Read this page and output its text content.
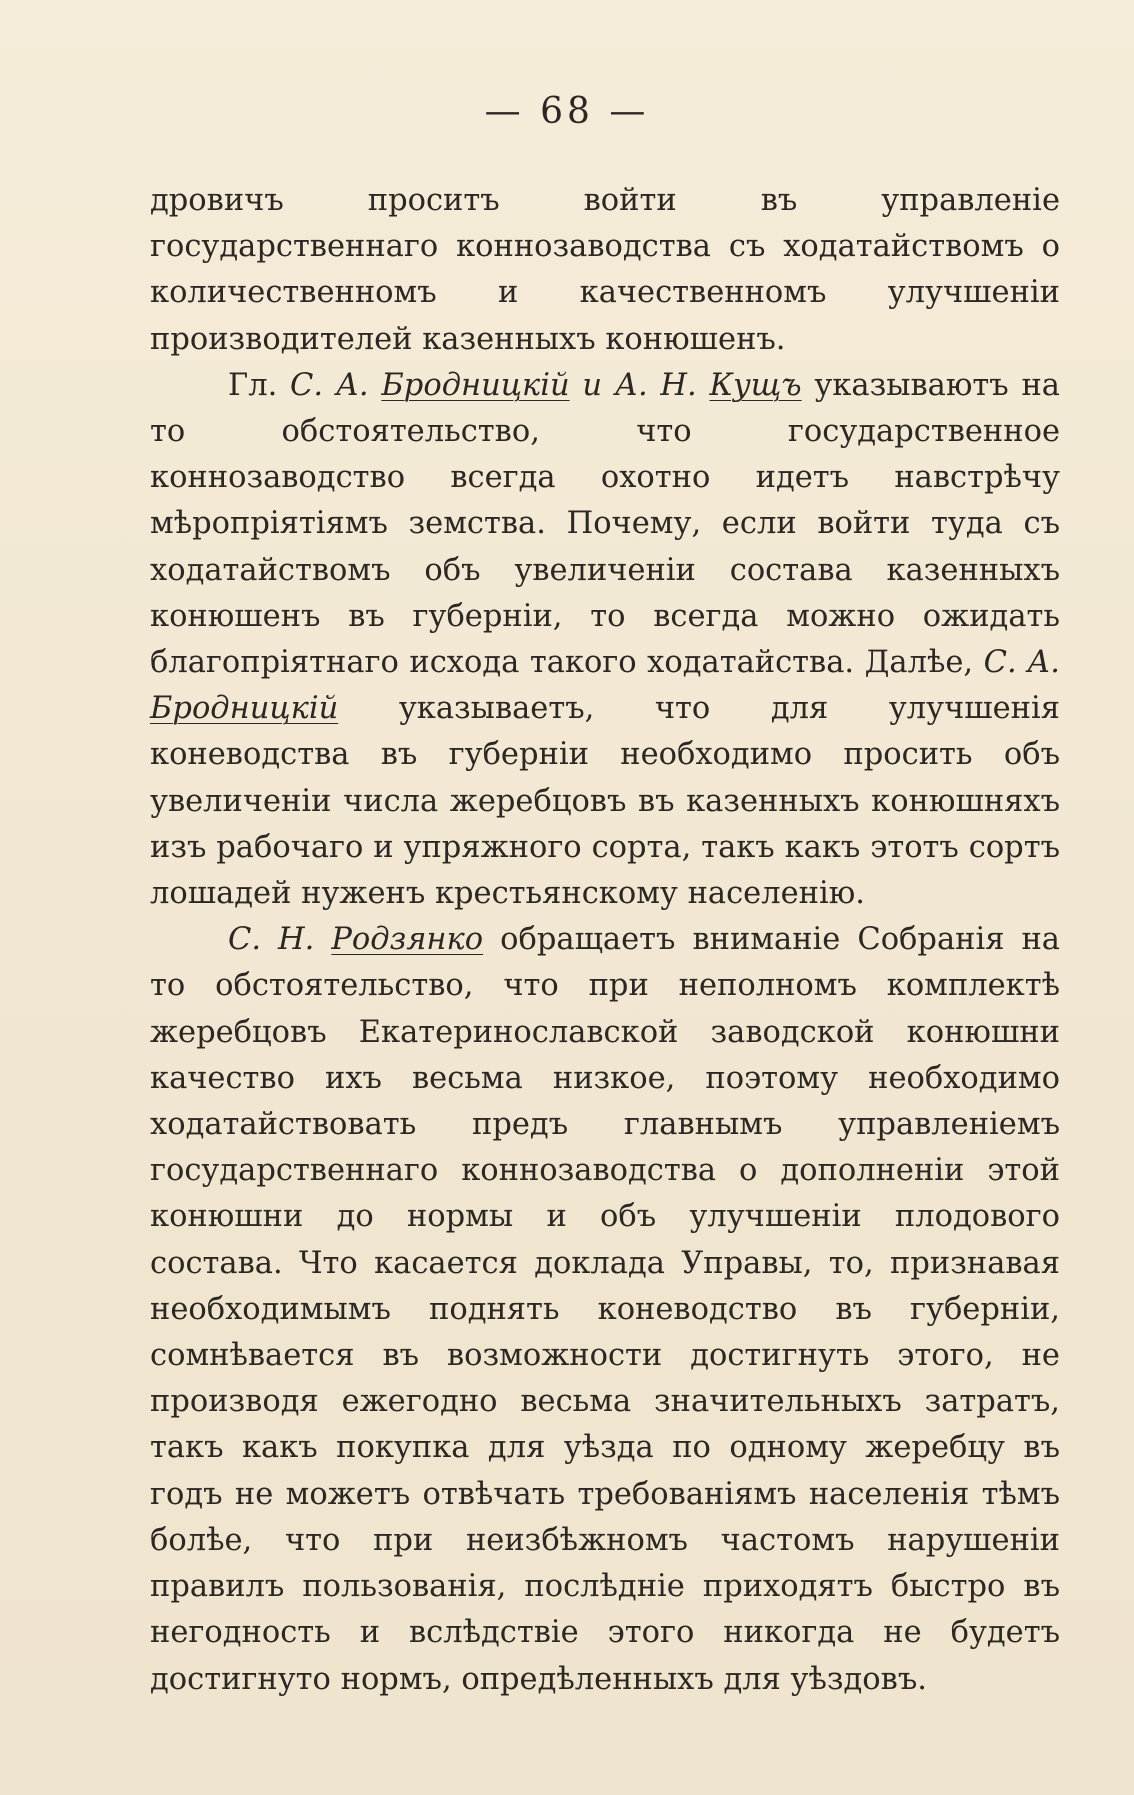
— 68 —

дровичъ проситъ войти въ управленіе государственнаго коннозаводства съ ходатайствомъ о количественномъ и качественномъ улучшеніи производителей казенныхъ конюшенъ.

Гл. С. А. Бродницкій и А. Н. Кущъ указываютъ на то обстоятельство, что государственное коннозаводство всегда охотно идетъ навстрѣчу мѣропріятіямъ земства. Почему, если войти туда съ ходатайствомъ объ увеличеніи состава казенныхъ конюшенъ въ губерніи, то всегда можно ожидать благопріятнаго исхода такого ходатайства. Далѣе, С. А. Бродницкій указываетъ, что для улучшенія коневодства въ губерніи необходимо просить объ увеличеніи числа жеребцовъ въ казенныхъ конюшняхъ изъ рабочаго и упряжного сорта, такъ какъ этотъ сортъ лошадей нуженъ крестьянскому населенію.

С. Н. Родзянко обращаетъ вниманіе Собранія на то обстоятельство, что при неполномъ комплектѣ жеребцовъ Екатеринославской заводской конюшни качество ихъ весьма низкое, поэтому необходимо ходатайствовать предъ главнымъ управленіемъ государственнаго коннозаводства о дополненіи этой конюшни до нормы и объ улучшеніи плодового состава. Что касается доклада Управы, то, признавая необходимымъ поднять коневодство въ губерніи, сомнѣвается въ возможности достигнуть этого, не производя ежегодно весьма значительныхъ затратъ, такъ какъ покупка для уѣзда по одному жеребцу въ годъ не можетъ отвѣчать требованіямъ населенія тѣмъ болѣе, что при неизбѣжномъ частомъ нарушеніи правилъ пользованія, послѣдніе приходятъ быстро въ негодность и вслѣдствіе этого никогда не будетъ достигнуто нормъ, опредѣленныхъ для уѣздовъ.
